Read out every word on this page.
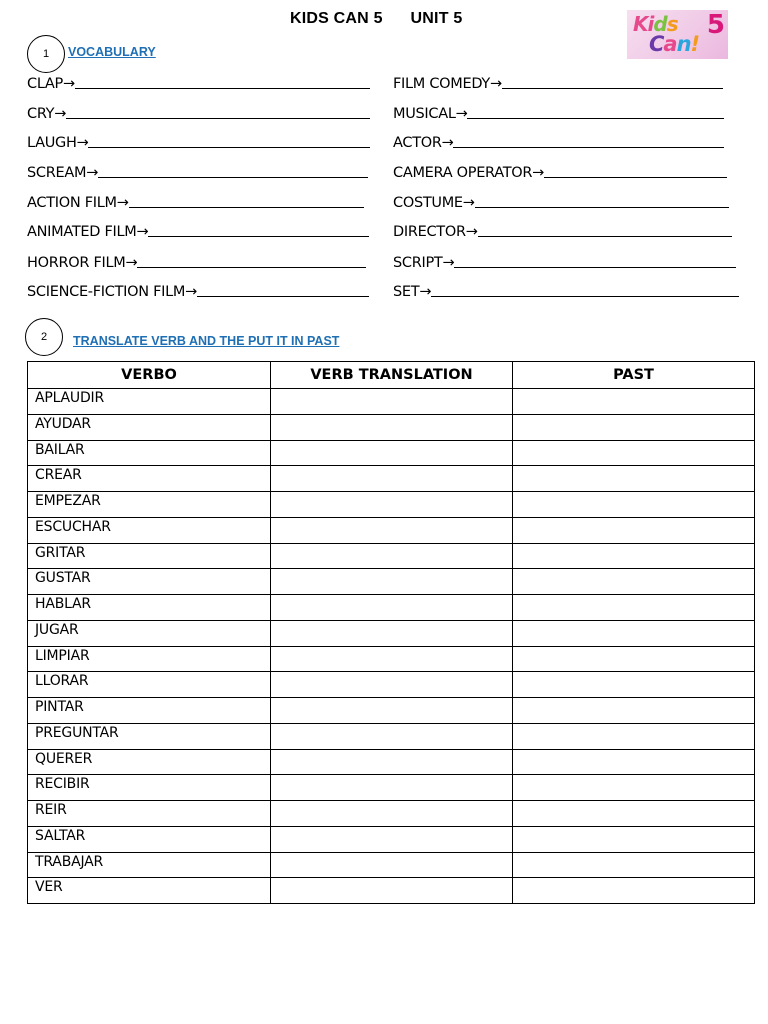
KIDS CAN 5      UNIT 5	Kids
Can!
5
1 VOCABULARY
CLAP→
CRY→
LAUGH→
SCREAM→
ACTION FILM→
ANIMATED FILM→
HORROR FILM→
SCIENCE-FICTION FILM→
FILM COMEDY→
MUSICAL→
ACTOR→
CAMERA OPERATOR→
COSTUME→
DIRECTOR→
SCRIPT→
SET→
2 TRANSLATE VERB AND THE PUT IT IN PAST
VERBO	VERB TRANSLATION	PAST
APLAUDIR		
AYUDAR		
BAILAR		
CREAR		
EMPEZAR		
ESCUCHAR		
GRITAR		
GUSTAR		
HABLAR		
JUGAR		
LIMPIAR		
LLORAR		
PINTAR		
PREGUNTAR		
QUERER		
RECIBIR		
REIR		
SALTAR		
TRABAJAR		
VER		
